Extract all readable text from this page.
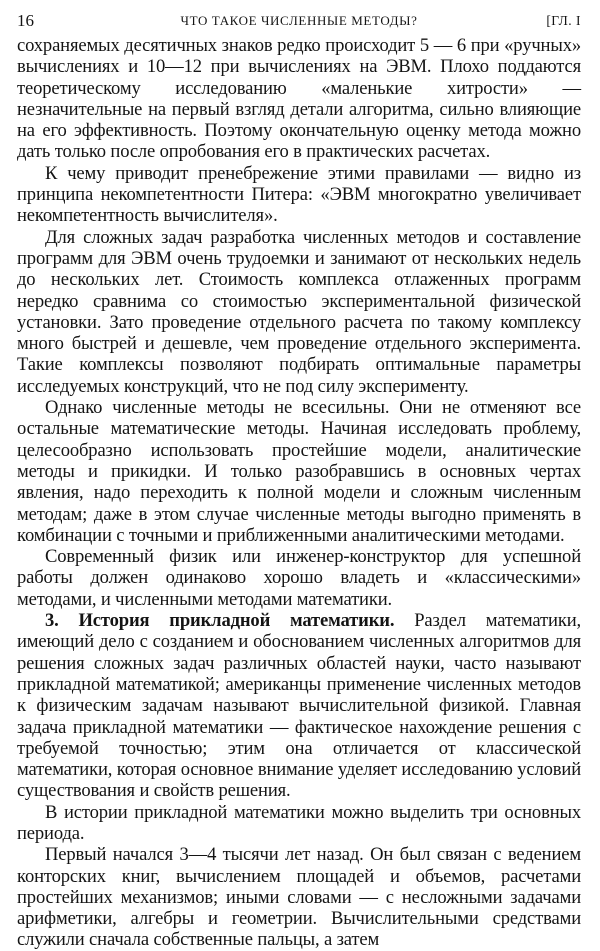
16	ЧТО ТАКОЕ ЧИСЛЕННЫЕ МЕТОДЫ?	[ГЛ. I

сохраняемых десятичных знаков редко происходит 5 — 6 при «ручных» вычислениях и 10—12 при вычислениях на ЭВМ. Плохо поддаются теоретическому исследованию «маленькие хитрости» — незначительные на первый взгляд детали алгоритма, сильно влияющие на его эффективность. Поэтому окончательную оценку метода можно дать только после опробования его в практических расчетах.

К чему приводит пренебрежение этими правилами — видно из принципа некомпетентности Питера: «ЭВМ многократно увеличивает некомпетентность вычислителя».

Для сложных задач разработка численных методов и составление программ для ЭВМ очень трудоемки и занимают от нескольких недель до нескольких лет. Стоимость комплекса отлаженных программ нередко сравнима со стоимостью экспериментальной физической установки. Зато проведение отдельного расчета по такому комплексу много быстрей и дешевле, чем проведение отдельного эксперимента. Такие комплексы позволяют подбирать оптимальные параметры исследуемых конструкций, что не под силу эксперименту.

Однако численные методы не всесильны. Они не отменяют все остальные математические методы. Начиная исследовать проблему, целесообразно использовать простейшие модели, аналитические методы и прикидки. И только разобравшись в основных чертах явления, надо переходить к полной модели и сложным численным методам; даже в этом случае численные методы выгодно применять в комбинации с точными и приближенными аналитическими методами.

Современный физик или инженер-конструктор для успешной работы должен одинаково хорошо владеть и «классическими» методами, и численными методами математики.

3. История прикладной математики. Раздел математики, имеющий дело с созданием и обоснованием численных алгоритмов для решения сложных задач различных областей науки, часто называют прикладной математикой; американцы применение численных методов к физическим задачам называют вычислительной физикой. Главная задача прикладной математики — фактическое нахождение решения с требуемой точностью; этим она отличается от классической математики, которая основное внимание уделяет исследованию условий существования и свойств решения.

В истории прикладной математики можно выделить три основных периода.

Первый начался 3—4 тысячи лет назад. Он был связан с ведением конторских книг, вычислением площадей и объемов, расчетами простейших механизмов; иными словами — с несложными задачами арифметики, алгебры и геометрии. Вычислительными средствами служили сначала собственные пальцы, а затем
